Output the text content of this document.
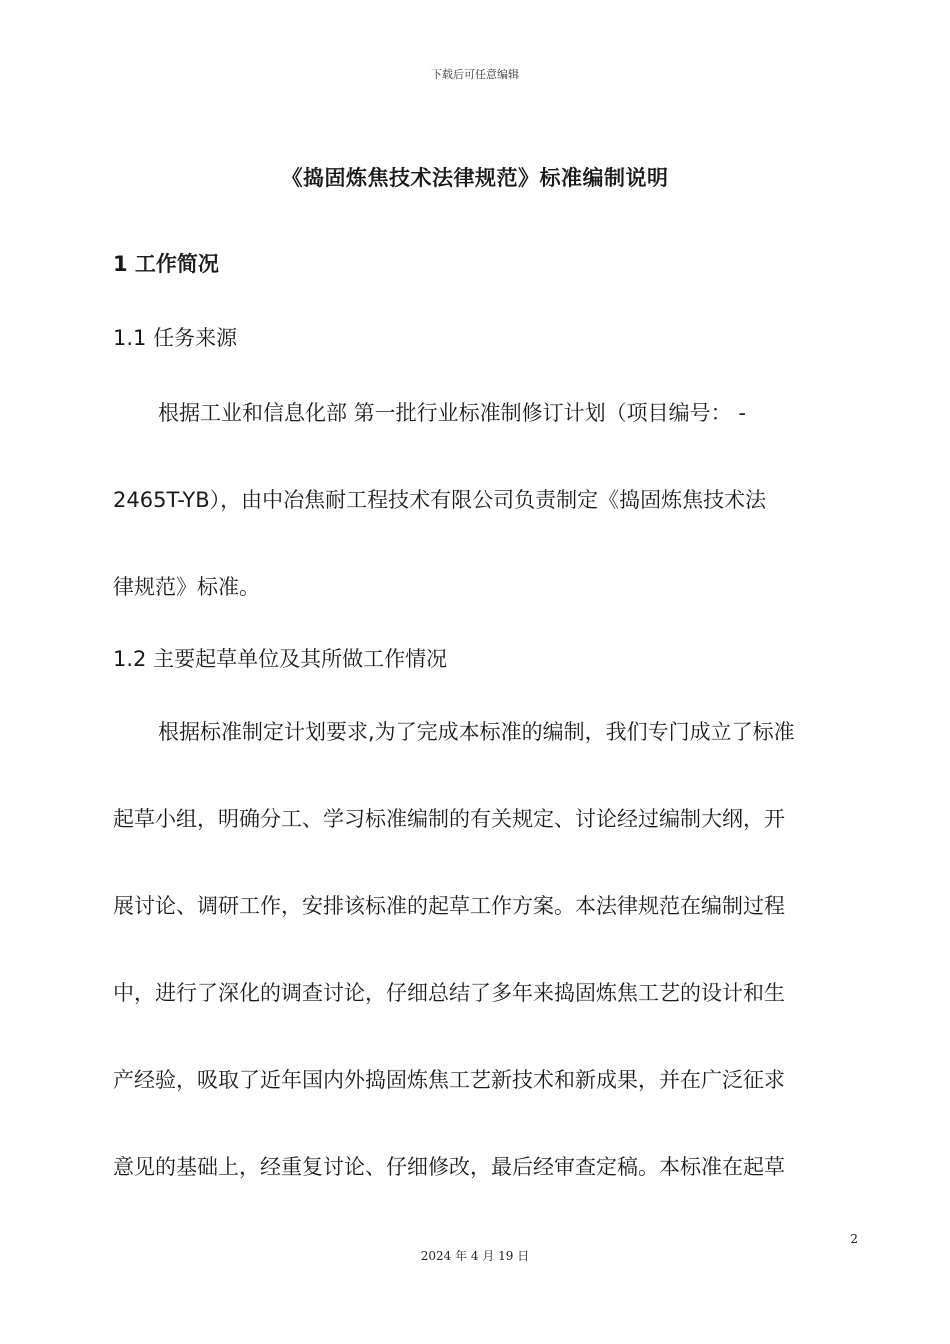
下载后可任意编辑
《捣固炼焦技术法律规范》标准编制说明
1 工作简况
1.1 任务来源
根据工业和信息化部 第一批行业标准制修订计划（项目编号： -
2465T-YB），由中冶焦耐工程技术有限公司负责制定《捣固炼焦技术法
律规范》标准。
1.2 主要起草单位及其所做工作情况
根据标准制定计划要求,为了完成本标准的编制，我们专门成立了标准
起草小组，明确分工、学习标准编制的有关规定、讨论经过编制大纲，开
展讨论、调研工作，安排该标准的起草工作方案。本法律规范在编制过程
中，进行了深化的调查讨论，仔细总结了多年来捣固炼焦工艺的设计和生
产经验，吸取了近年国内外捣固炼焦工艺新技术和新成果，并在广泛征求
意见的基础上，经重复讨论、仔细修改，最后经审查定稿。本标准在起草
2
2024 年 4 月 19 日
